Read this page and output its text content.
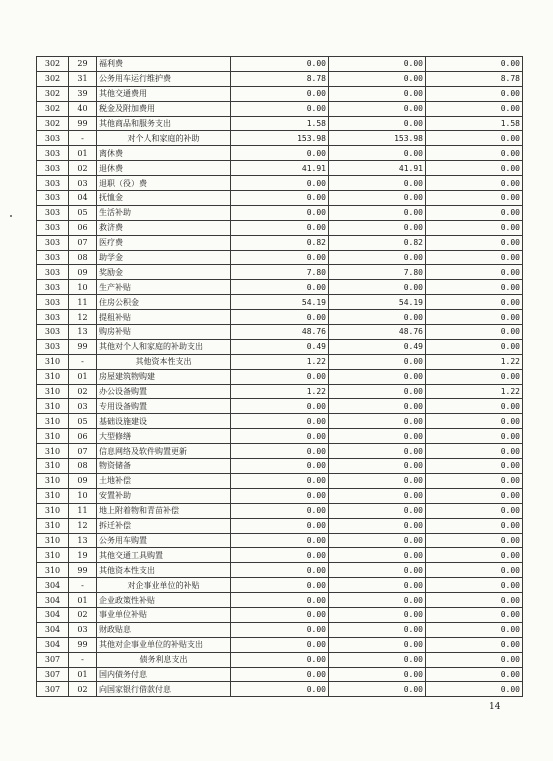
302	29	福利费	0.00	0.00	0.00
302	31	公务用车运行维护费	8.78	0.00	8.78
302	39	其他交通费用	0.00	0.00	0.00
302	40	税金及附加费用	0.00	0.00	0.00
302	99	其他商品和服务支出	1.58	0.00	1.58
303	-	对个人和家庭的补助	153.98	153.98	0.00
303	01	离休费	0.00	0.00	0.00
303	02	退休费	41.91	41.91	0.00
303	03	退职（役）费	0.00	0.00	0.00
303	04	抚恤金	0.00	0.00	0.00
303	05	生活补助	0.00	0.00	0.00
303	06	救济费	0.00	0.00	0.00
303	07	医疗费	0.82	0.82	0.00
303	08	助学金	0.00	0.00	0.00
303	09	奖励金	7.80	7.80	0.00
303	10	生产补贴	0.00	0.00	0.00
303	11	住房公积金	54.19	54.19	0.00
303	12	提租补贴	0.00	0.00	0.00
303	13	购房补贴	48.76	48.76	0.00
303	99	其他对个人和家庭的补助支出	0.49	0.49	0.00
310	-	其他资本性支出	1.22	0.00	1.22
310	01	房屋建筑物购建	0.00	0.00	0.00
310	02	办公设备购置	1.22	0.00	1.22
310	03	专用设备购置	0.00	0.00	0.00
310	05	基础设施建设	0.00	0.00	0.00
310	06	大型修缮	0.00	0.00	0.00
310	07	信息网络及软件购置更新	0.00	0.00	0.00
310	08	物资储备	0.00	0.00	0.00
310	09	土地补偿	0.00	0.00	0.00
310	10	安置补助	0.00	0.00	0.00
310	11	地上附着物和青苗补偿	0.00	0.00	0.00
310	12	拆迁补偿	0.00	0.00	0.00
310	13	公务用车购置	0.00	0.00	0.00
310	19	其他交通工具购置	0.00	0.00	0.00
310	99	其他资本性支出	0.00	0.00	0.00
304	-	对企事业单位的补贴	0.00	0.00	0.00
304	01	企业政策性补贴	0.00	0.00	0.00
304	02	事业单位补贴	0.00	0.00	0.00
304	03	财政贴息	0.00	0.00	0.00
304	99	其他对企事业单位的补贴支出	0.00	0.00	0.00
307	-	债务利息支出	0.00	0.00	0.00
307	01	国内债务付息	0.00	0.00	0.00
307	02	向国家银行借款付息	0.00	0.00	0.00
14
